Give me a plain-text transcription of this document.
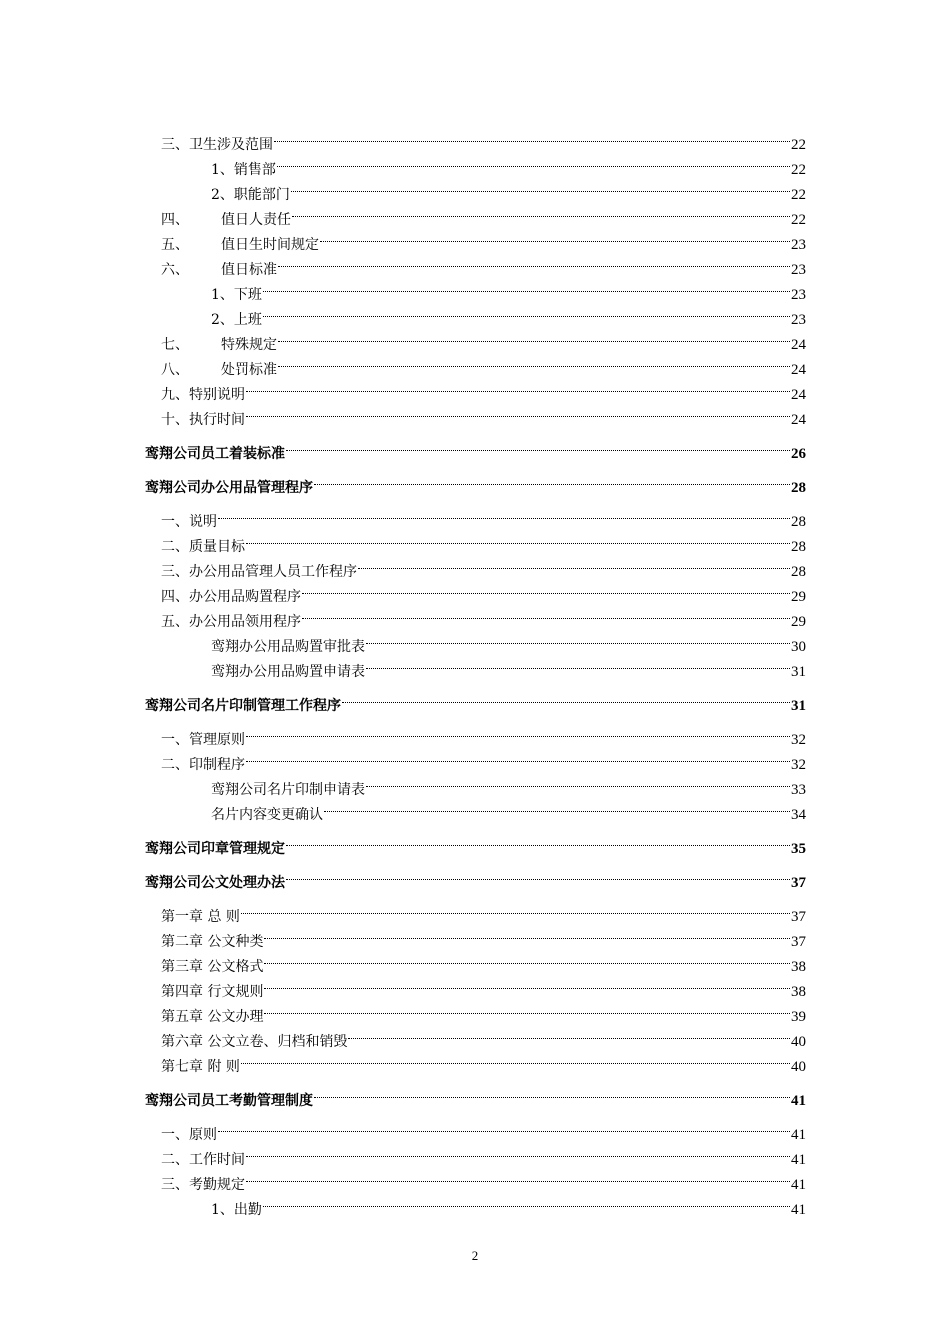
三、卫生涉及范围	22
1、销售部	22
2、职能部门	22
四、 值日人责任	22
五、 值日生时间规定	23
六、 值日标准	23
1、下班	23
2、上班	23
七、 特殊规定	24
八、 处罚标准	24
九、特别说明	24
十、执行时间	24
鸾翔公司员工着装标准	26
鸾翔公司办公用品管理程序	28
一、说明	28
二、质量目标	28
三、办公用品管理人员工作程序	28
四、办公用品购置程序	29
五、办公用品领用程序	29
鸾翔办公用品购置审批表	30
鸾翔办公用品购置申请表	31
鸾翔公司名片印制管理工作程序	31
一、管理原则	32
二、印制程序	32
鸾翔公司名片印制申请表	33
名片内容变更确认	34
鸾翔公司印章管理规定	35
鸾翔公司公文处理办法	37
第一章 总 则	37
第二章 公文种类	37
第三章 公文格式	38
第四章 行文规则	38
第五章 公文办理	39
第六章 公文立卷、归档和销毁	40
第七章 附 则	40
鸾翔公司员工考勤管理制度	41
一、原则	41
二、工作时间	41
三、考勤规定	41
1、出勤	41
2
